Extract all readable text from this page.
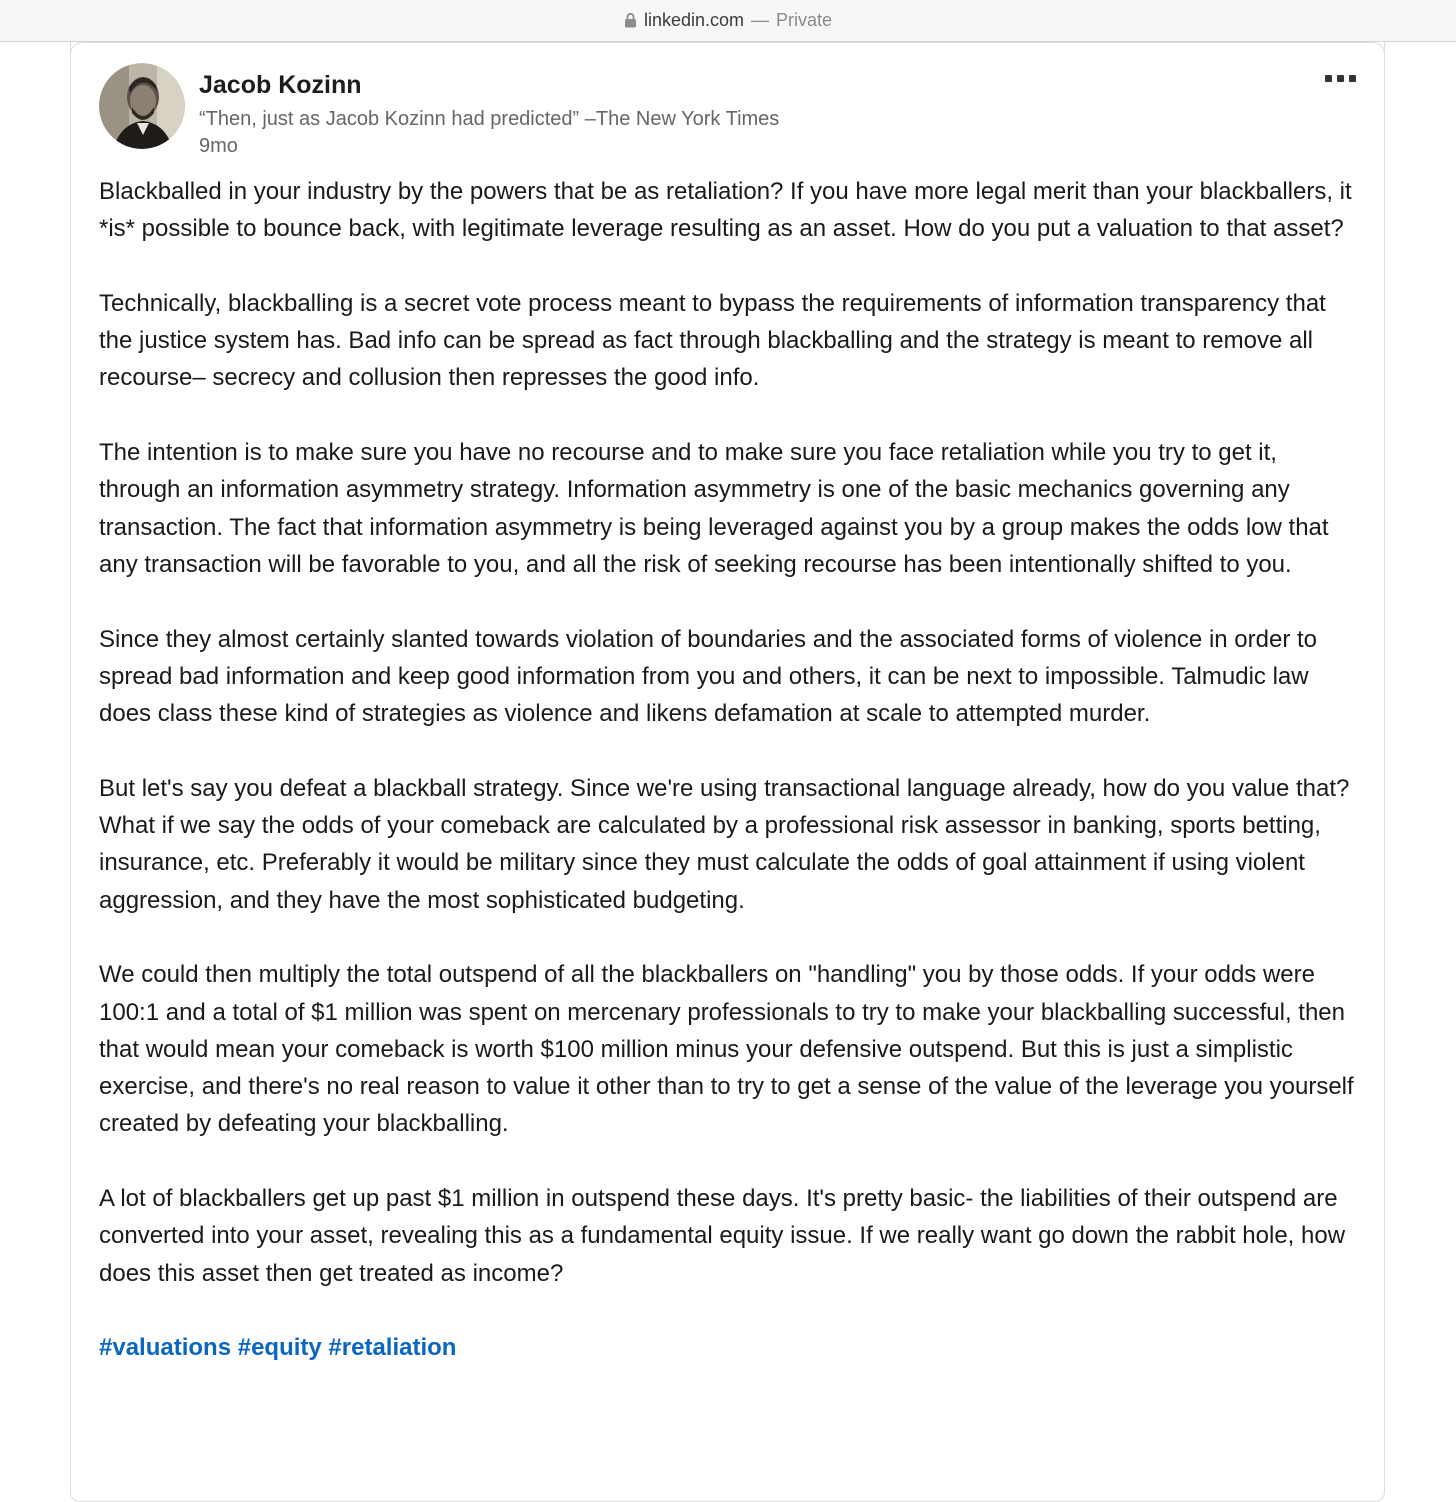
linkedin.com — Private
Jacob Kozinn
“Then, just as Jacob Kozinn had predicted” –The New York Times
9mo

Blackballed in your industry by the powers that be as retaliation? If you have more legal merit than your blackballers, it *is* possible to bounce back, with legitimate leverage resulting as an asset. How do you put a valuation to that asset?

Technically, blackballing is a secret vote process meant to bypass the requirements of information transparency that the justice system has. Bad info can be spread as fact through blackballing and the strategy is meant to remove all recourse– secrecy and collusion then represses the good info.

The intention is to make sure you have no recourse and to make sure you face retaliation while you try to get it, through an information asymmetry strategy. Information asymmetry is one of the basic mechanics governing any transaction. The fact that information asymmetry is being leveraged against you by a group makes the odds low that any transaction will be favorable to you, and all the risk of seeking recourse has been intentionally shifted to you.

Since they almost certainly slanted towards violation of boundaries and the associated forms of violence in order to spread bad information and keep good information from you and others, it can be next to impossible. Talmudic law does class these kind of strategies as violence and likens defamation at scale to attempted murder.

But let's say you defeat a blackball strategy. Since we're using transactional language already, how do you value that? What if we say the odds of your comeback are calculated by a professional risk assessor in banking, sports betting, insurance, etc. Preferably it would be military since they must calculate the odds of goal attainment if using violent aggression, and they have the most sophisticated budgeting.

We could then multiply the total outspend of all the blackballers on "handling" you by those odds. If your odds were 100:1 and a total of $1 million was spent on mercenary professionals to try to make your blackballing successful, then that would mean your comeback is worth $100 million minus your defensive outspend. But this is just a simplistic exercise, and there's no real reason to value it other than to try to get a sense of the value of the leverage you yourself created by defeating your blackballing.

A lot of blackballers get up past $1 million in outspend these days. It's pretty basic- the liabilities of their outspend are converted into your asset, revealing this as a fundamental equity issue. If we really want go down the rabbit hole, how does this asset then get treated as income?

#valuations #equity #retaliation
